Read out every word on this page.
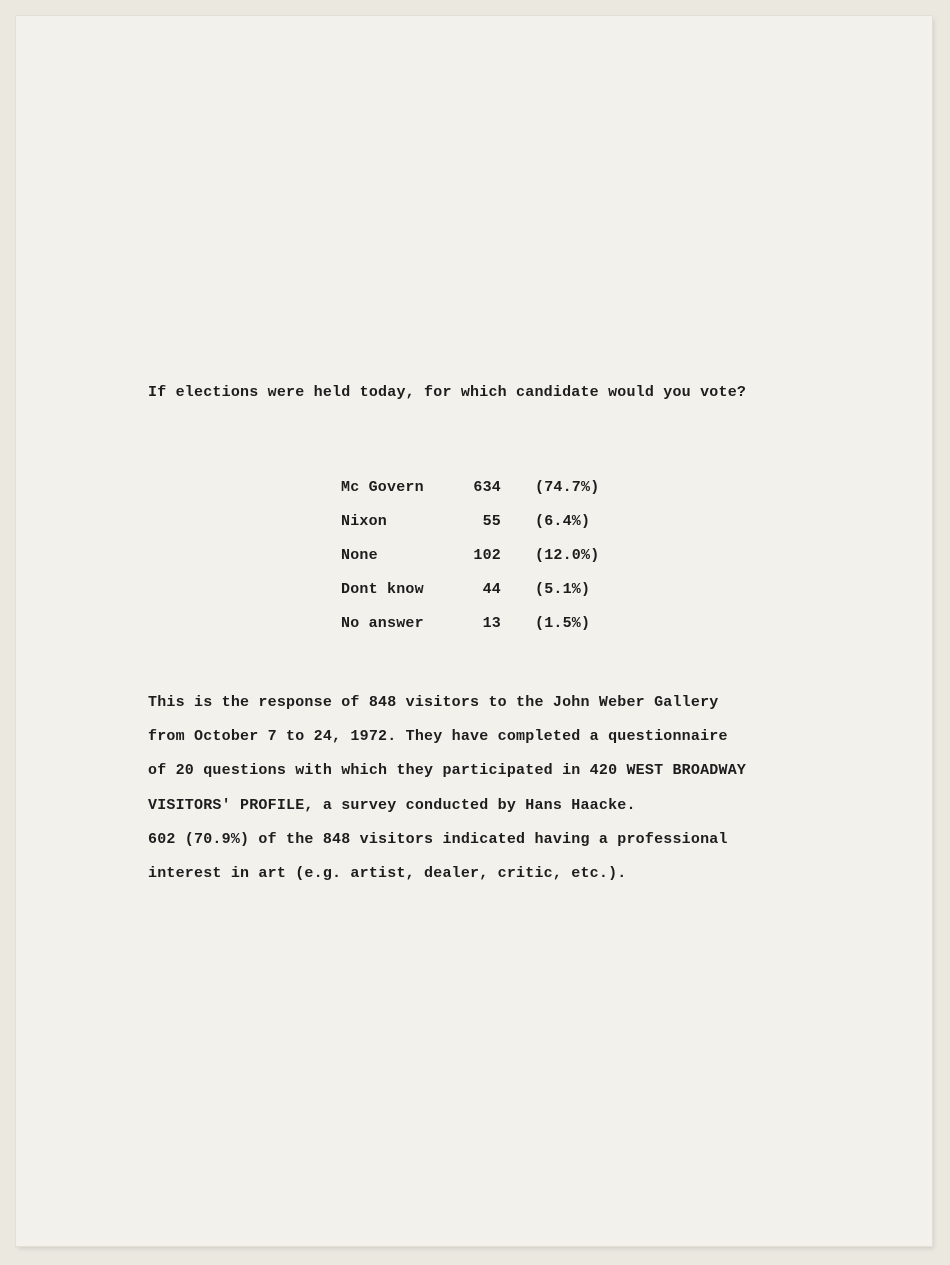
If elections were held today, for which candidate would you vote?

Mc Govern	634	(74.7%)
Nixon	55	(6.4%)
None	102	(12.0%)
Dont know	44	(5.1%)
No answer	13	(1.5%)

This is the response of 848 visitors to the John Weber Gallery
from October 7 to 24, 1972. They have completed a questionnaire
of 20 questions with which they participated in 420 WEST BROADWAY
VISITORS' PROFILE, a survey conducted by Hans Haacke.
602 (70.9%) of the 848 visitors indicated having a professional
interest in art (e.g. artist, dealer, critic, etc.).
